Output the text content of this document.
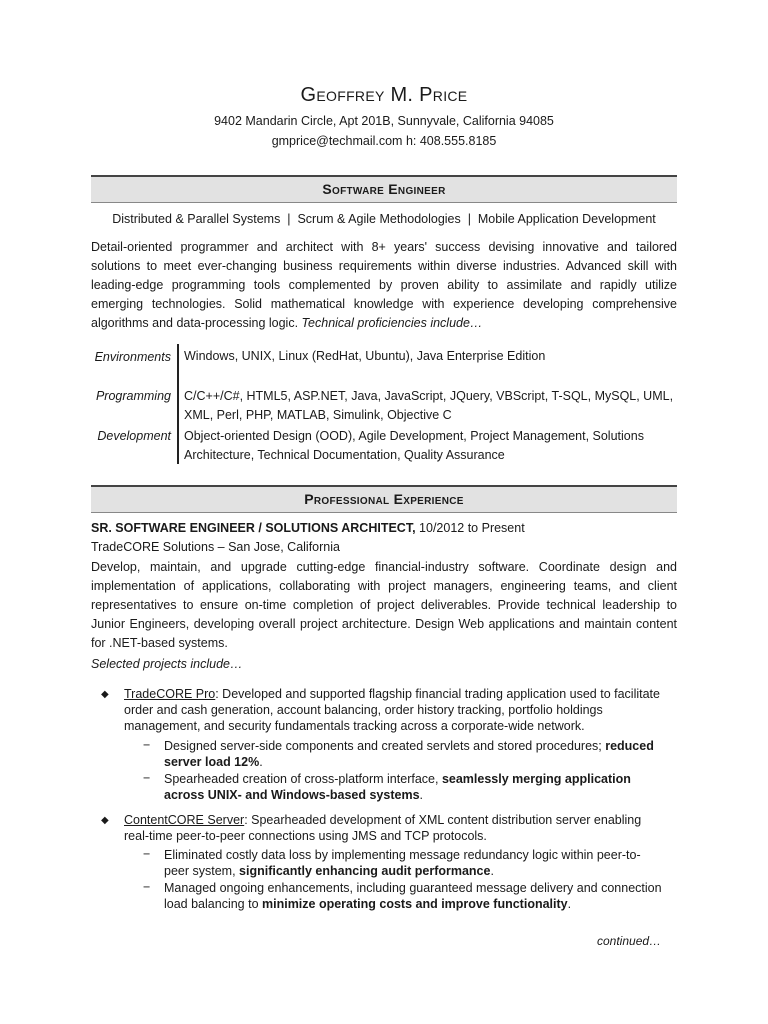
Geoffrey M. Price
9402 Mandarin Circle, Apt 201B, Sunnyvale, California 94085
gmprice@techmail.com h: 408.555.8185
Software Engineer
Distributed & Parallel Systems  |  Scrum & Agile Methodologies  |  Mobile Application Development
Detail-oriented programmer and architect with 8+ years' success devising innovative and tailored solutions to meet ever-changing business requirements within diverse industries. Advanced skill with leading-edge programming tools complemented by proven ability to assimilate and rapidly utilize emerging technologies. Solid mathematical knowledge with experience developing comprehensive algorithms and data-processing logic. Technical proficiencies include…
Environments Windows, UNIX, Linux (RedHat, Ubuntu), Java Enterprise Edition
Programming C/C++/C#, HTML5, ASP.NET, Java, JavaScript, JQuery, VBScript, T-SQL, MySQL, UML, XML, Perl, PHP, MATLAB, Simulink, Objective C
Development Object-oriented Design (OOD), Agile Development, Project Management, Solutions Architecture, Technical Documentation, Quality Assurance
Professional Experience
SR. SOFTWARE ENGINEER / SOLUTIONS ARCHITECT, 10/2012 to Present
TradeCORE Solutions – San Jose, California
Develop, maintain, and upgrade cutting-edge financial-industry software. Coordinate design and implementation of applications, collaborating with project managers, engineering teams, and client representatives to ensure on-time completion of project deliverables. Provide technical leadership to Junior Engineers, developing overall project architecture. Design Web applications and maintain content for .NET-based systems.
Selected projects include…
◆ TradeCORE Pro: Developed and supported flagship financial trading application used to facilitate order and cash generation, account balancing, order history tracking, portfolio holdings management, and security fundamentals tracking across a corporate-wide network.
− Designed server-side components and created servlets and stored procedures; reduced server load 12%.
− Spearheaded creation of cross-platform interface, seamlessly merging application across UNIX- and Windows-based systems.
◆ ContentCORE Server: Spearheaded development of XML content distribution server enabling real-time peer-to-peer connections using JMS and TCP protocols.
− Eliminated costly data loss by implementing message redundancy logic within peer-to-peer system, significantly enhancing audit performance.
− Managed ongoing enhancements, including guaranteed message delivery and connection load balancing to minimize operating costs and improve functionality.
continued…
